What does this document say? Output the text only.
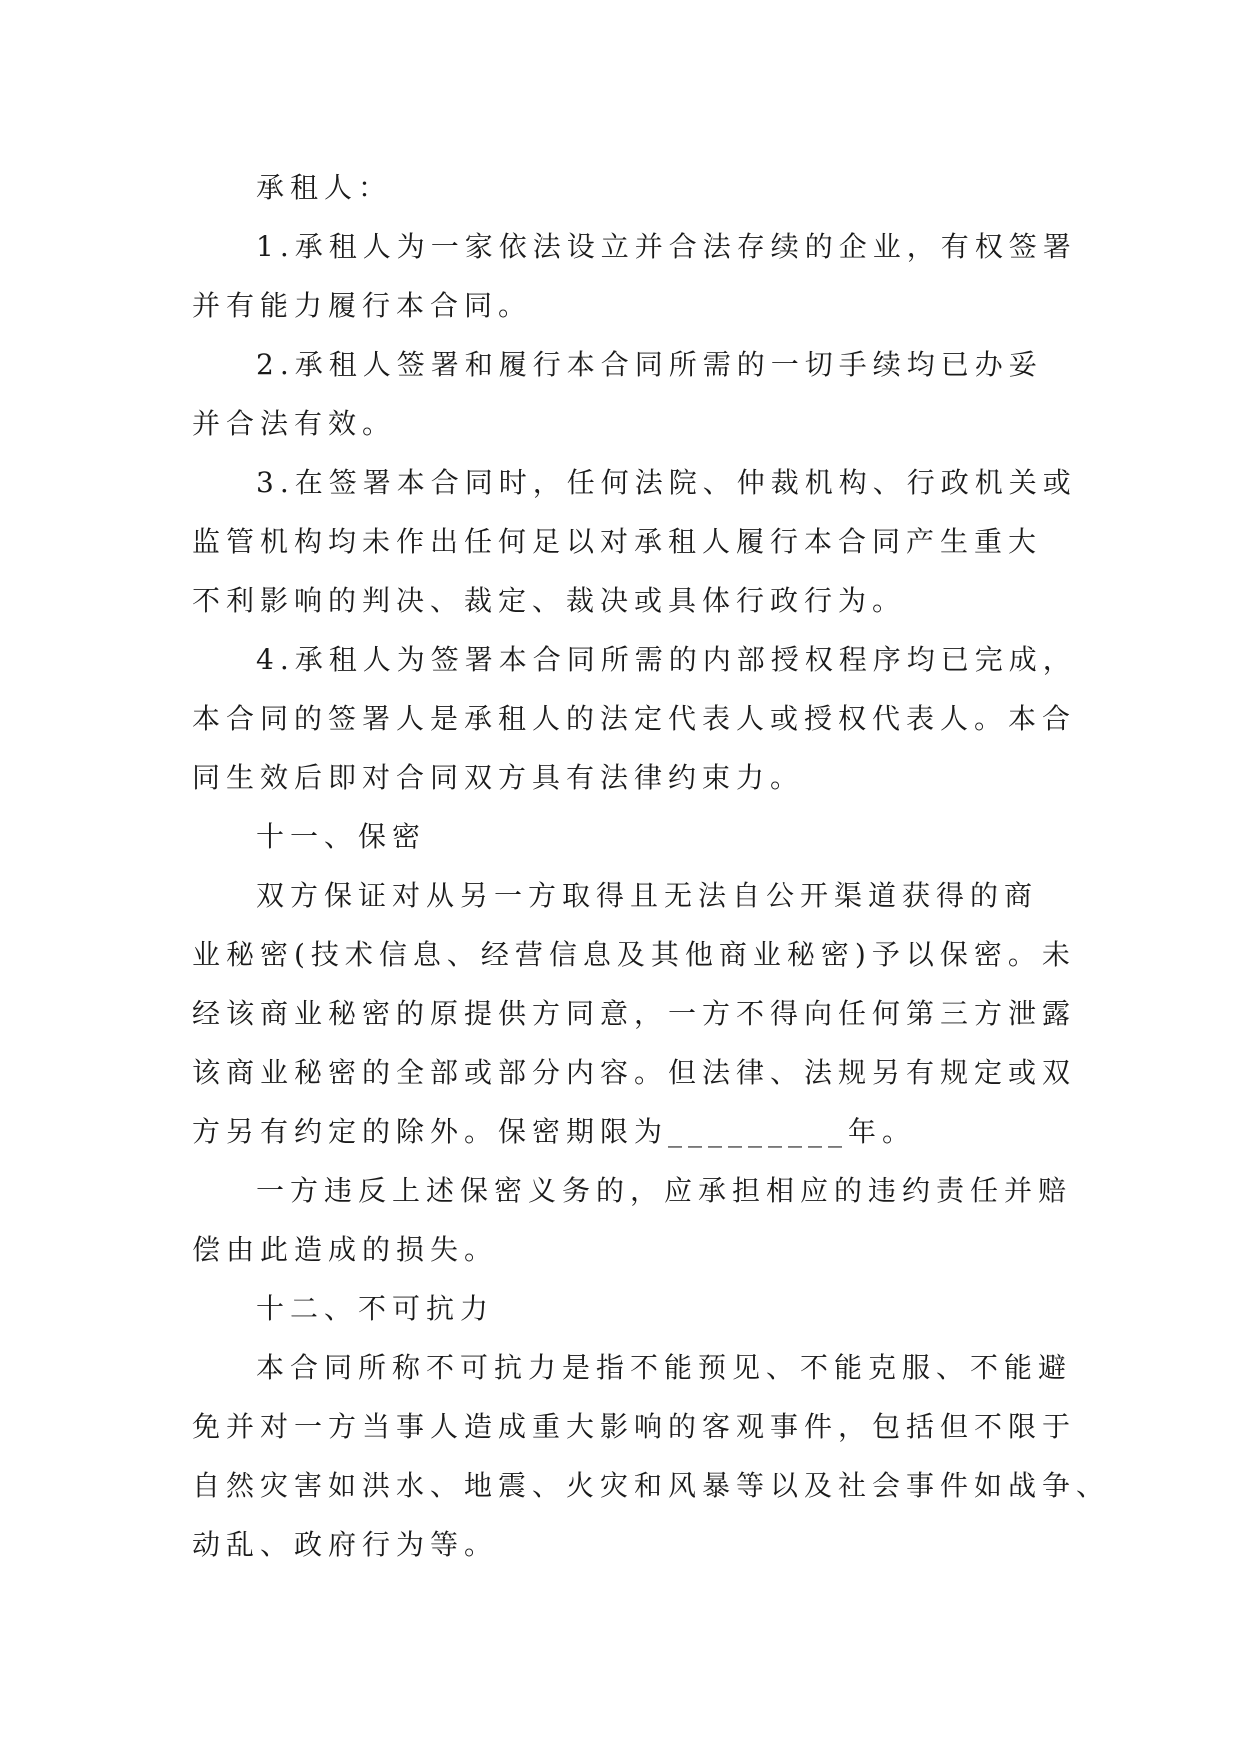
承租人：
1.承租人为一家依法设立并合法存续的企业，有权签署
并有能力履行本合同。
2.承租人签署和履行本合同所需的一切手续均已办妥
并合法有效。
3.在签署本合同时，任何法院、仲裁机构、行政机关或
监管机构均未作出任何足以对承租人履行本合同产生重大
不利影响的判决、裁定、裁决或具体行政行为。
4.承租人为签署本合同所需的内部授权程序均已完成，
本合同的签署人是承租人的法定代表人或授权代表人。本合
同生效后即对合同双方具有法律约束力。
十一、保密
双方保证对从另一方取得且无法自公开渠道获得的商
业秘密(技术信息、经营信息及其他商业秘密)予以保密。未
经该商业秘密的原提供方同意，一方不得向任何第三方泄露
该商业秘密的全部或部分内容。但法律、法规另有规定或双
方另有约定的除外。保密期限为_________年。
一方违反上述保密义务的，应承担相应的违约责任并赔
偿由此造成的损失。
十二、不可抗力
本合同所称不可抗力是指不能预见、不能克服、不能避
免并对一方当事人造成重大影响的客观事件，包括但不限于
自然灾害如洪水、地震、火灾和风暴等以及社会事件如战争、
动乱、政府行为等。
